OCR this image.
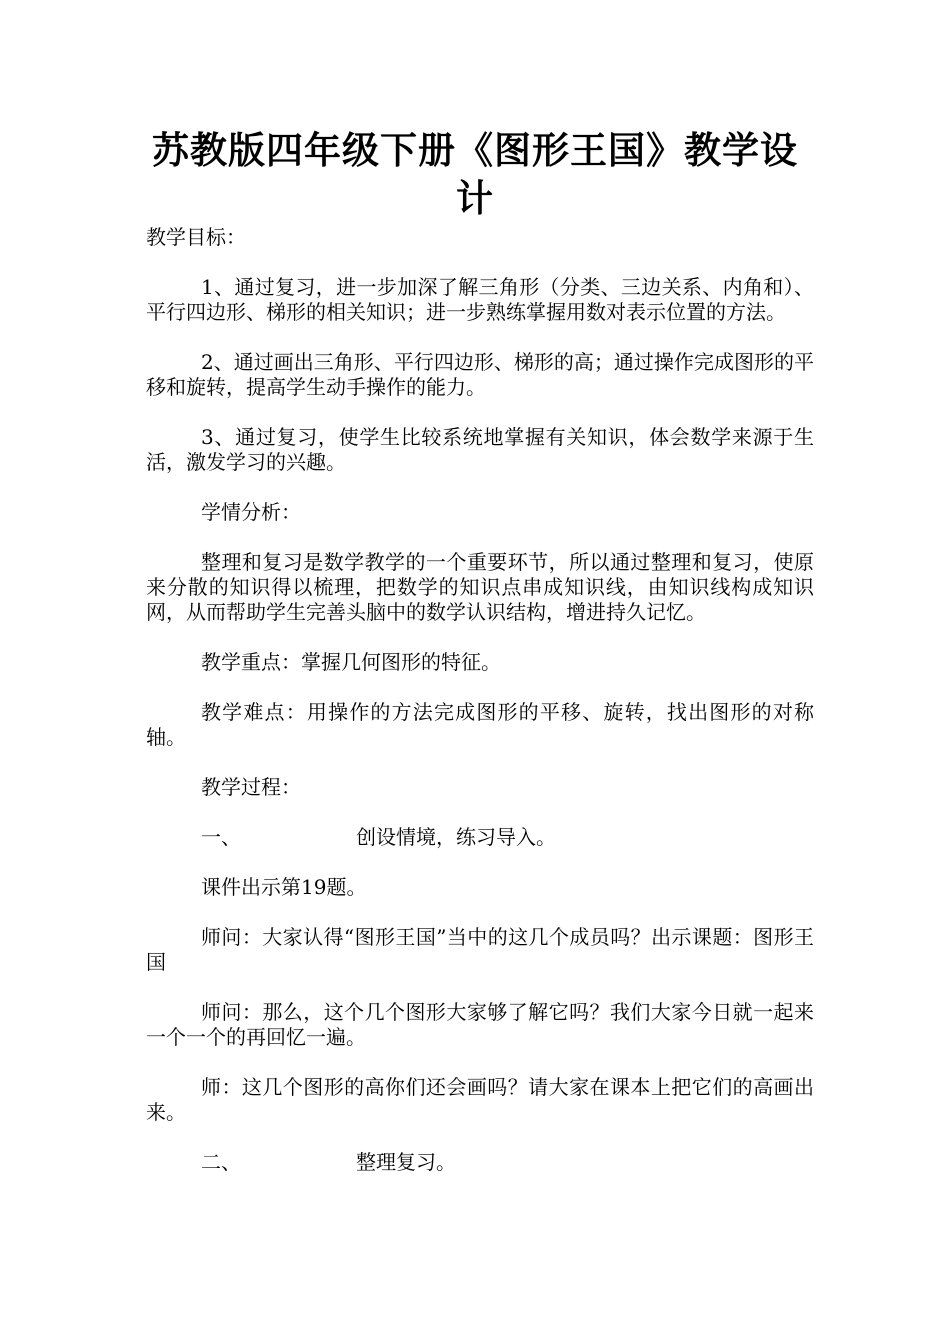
苏教版四年级下册《图形王国》教学设计

教学目标：

1、通过复习，进一步加深了解三角形（分类、三边关系、内角和）、平行四边形、梯形的相关知识；进一步熟练掌握用数对表示位置的方法。

2、通过画出三角形、平行四边形、梯形的高；通过操作完成图形的平移和旋转，提高学生动手操作的能力。

3、通过复习，使学生比较系统地掌握有关知识，体会数学来源于生活，激发学习的兴趣。

学情分析：

整理和复习是数学教学的一个重要环节，所以通过整理和复习，使原来分散的知识得以梳理，把数学的知识点串成知识线，由知识线构成知识网，从而帮助学生完善头脑中的数学认识结构，增进持久记忆。

教学重点：掌握几何图形的特征。

教学难点：用操作的方法完成图形的平移、旋转，找出图形的对称轴。

教学过程：

一、	创设情境，练习导入。

课件出示第19题。

师问：大家认得“图形王国”当中的这几个成员吗？出示课题：图形王国

师问：那么，这个几个图形大家够了解它吗？我们大家今日就一起来一个一个的再回忆一遍。

师：这几个图形的高你们还会画吗？请大家在课本上把它们的高画出来。

二、	整理复习。
